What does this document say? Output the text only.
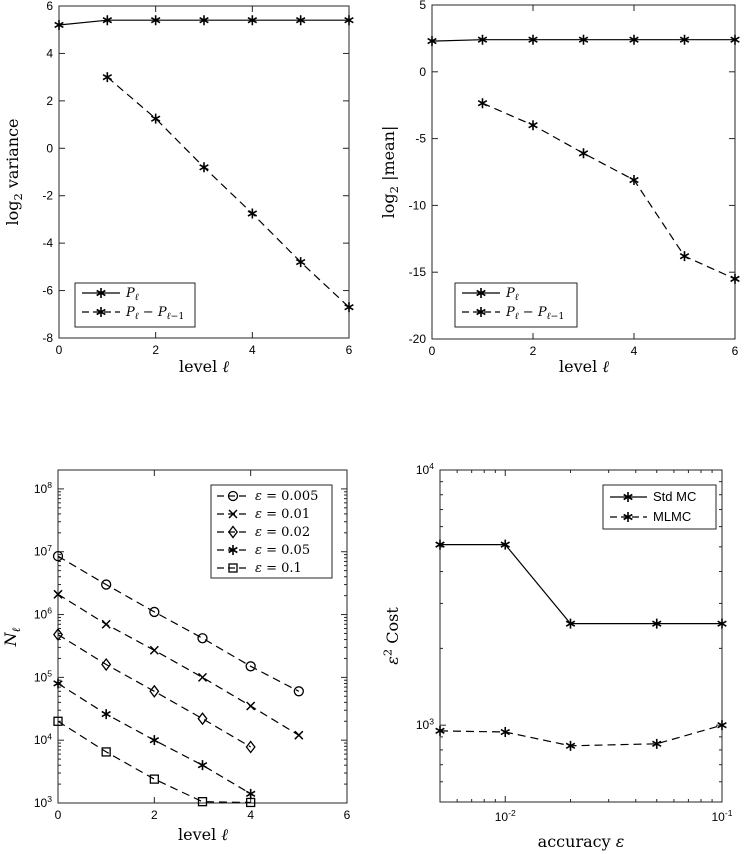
0	2	4	6
-8
-6
-4
-2
0
2
4
6
level ℓ
$\log_2$ variance
$P_\ell$
$P_\ell - P_\ell-1$
0	2	4	6
-20
-15
-10
-5
0
5
level ℓ
$\log_2$ |mean|
$P_\ell$
$P_\ell - P_\ell-1$
0	2	4	6
$10^3$
$10^4$
$10^5$
$10^6$
$10^7$
$10^8$
level ℓ
$N_\ell$
ε = 0.005
ε = 0.01
ε = 0.02
ε = 0.05
ε = 0.1
$10^{-2}$	$10^{-1}$
$10^3$
$10^4$
accuracy ε
$\varepsilon^2$ Cost
Std MC
MLMC
